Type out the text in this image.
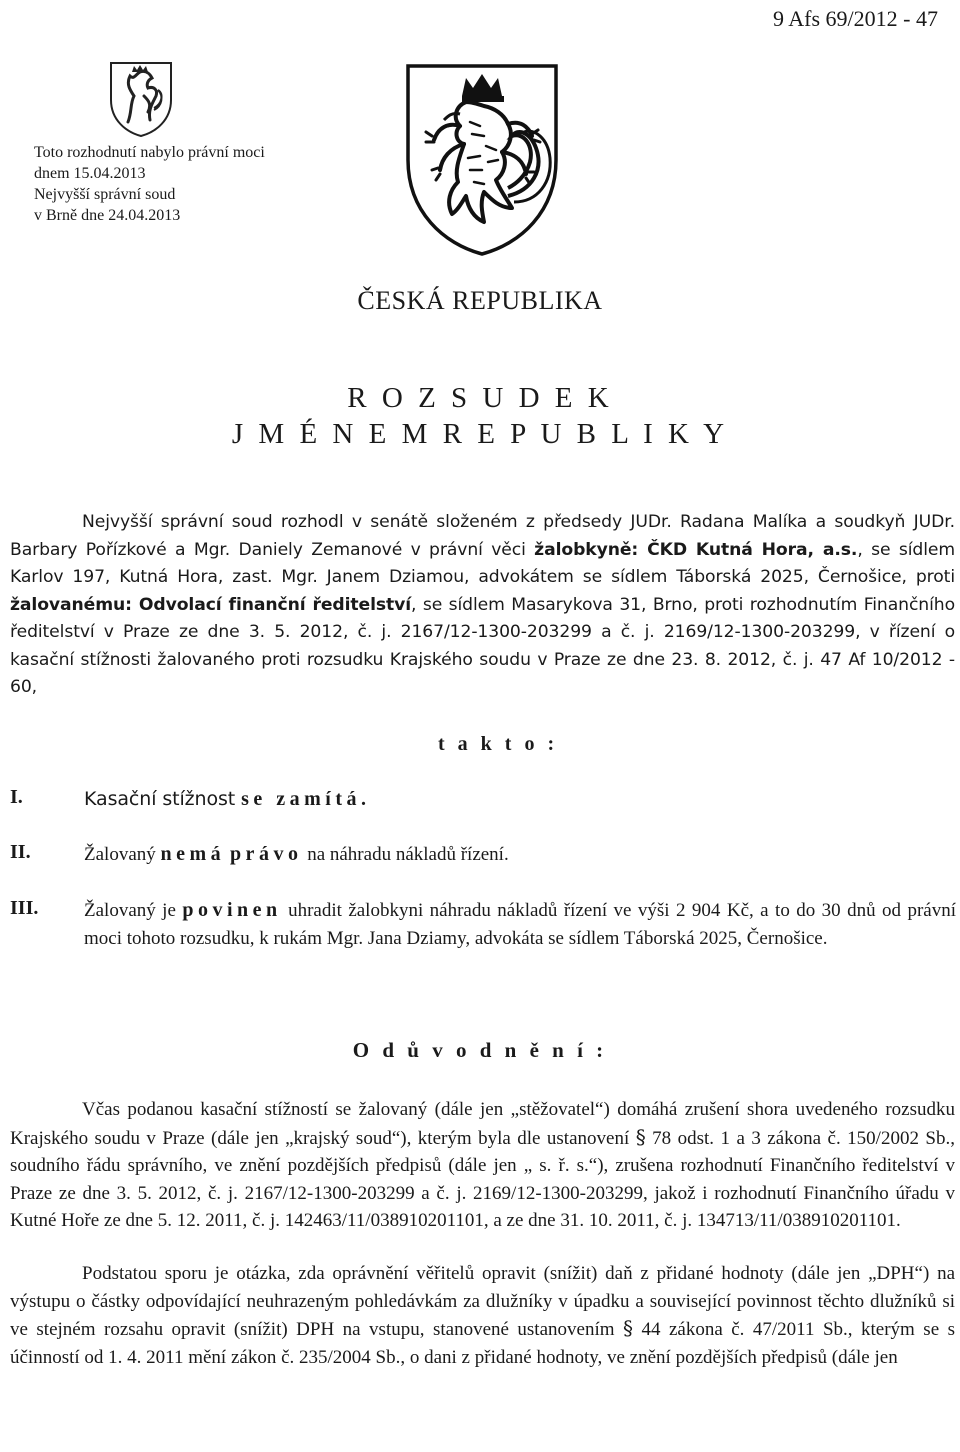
9 Afs 69/2012 - 47
Toto rozhodnutí nabylo právní moci
dnem 15.04.2013
Nejvyšší správní soud
v Brně dne 24.04.2013
ČESKÁ REPUBLIKA
R O Z S U D E K
J M É N E M R E P U B L I K Y
Nejvyšší správní soud rozhodl v senátě složeném z předsedy JUDr. Radana Malíka a soudkyň JUDr. Barbary Pořízkové a Mgr. Daniely Zemanové v právní věci žalobkyně: ČKD Kutná Hora, a.s., se sídlem Karlov 197, Kutná Hora, zast. Mgr. Janem Dziamou, advokátem se sídlem Táborská 2025, Černošice, proti žalovanému: Odvolací finanční ředitelství, se sídlem Masarykova 31, Brno, proti rozhodnutím Finančního ředitelství v Praze ze dne 3. 5. 2012, č. j. 2167/12-1300-203299 a č. j. 2169/12-1300-203299, v řízení o kasační stížnosti žalovaného proti rozsudku Krajského soudu v Praze ze dne 23. 8. 2012, č. j. 47 Af 10/2012 - 60,
t a k t o :
I.	Kasační stížnost se zamítá.
II.	Žalovaný nemá právo na náhradu nákladů řízení.
III. Žalovaný je povinen uhradit žalobkyni náhradu nákladů řízení ve výši 2 904 Kč, a to do 30 dnů od právní moci tohoto rozsudku, k rukám Mgr. Jana Dziamy, advokáta se sídlem Táborská 2025, Černošice.
O d ů v o d n ě n í :
Včas podanou kasační stížností se žalovaný (dále jen „stěžovatel“) domáhá zrušení shora uvedeného rozsudku Krajského soudu v Praze (dále jen „krajský soud“), kterým byla dle ustanovení § 78 odst. 1 a 3 zákona č. 150/2002 Sb., soudního řádu správního, ve znění pozdějších předpisů (dále jen „ s. ř. s.“), zrušena rozhodnutí Finančního ředitelství v Praze ze dne 3. 5. 2012, č. j. 2167/12-1300-203299 a č. j. 2169/12-1300-203299, jakož i rozhodnutí Finančního úřadu v Kutné Hoře ze dne 5. 12. 2011, č. j. 142463/11/038910201101, a ze dne 31. 10. 2011, č. j. 134713/11/038910201101.
Podstatou sporu je otázka, zda oprávnění věřitelů opravit (snížit) daň z přidané hodnoty (dále jen „DPH“) na výstupu o částky odpovídající neuhrazeným pohledávkám za dlužníky v úpadku a související povinnost těchto dlužníků si ve stejném rozsahu opravit (snížit) DPH na vstupu, stanovené ustanovením § 44 zákona č. 47/2011 Sb., kterým se s účinností od 1. 4. 2011 mění zákon č. 235/2004 Sb., o dani z přidané hodnoty, ve znění pozdějších předpisů (dále jen
